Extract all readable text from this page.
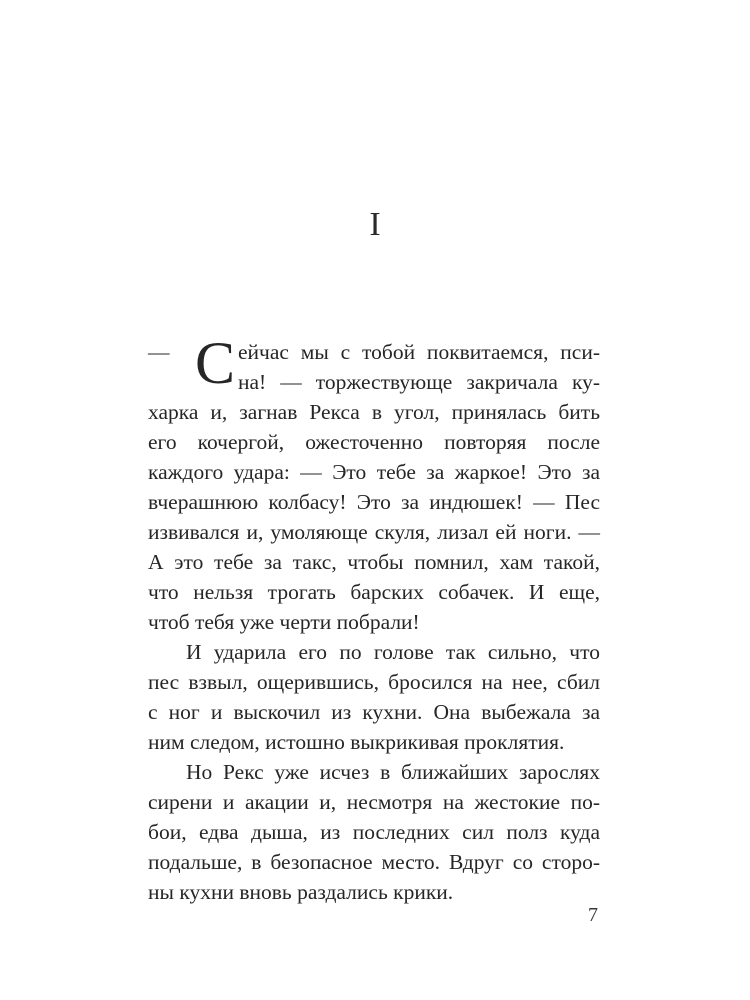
I
— С ейчас мы с тобой поквитаемся, пси-
на! — торжествующе закричала ку-
харка и, загнав Рекса в угол, принялась бить
его кочергой, ожесточенно повторяя после
каждого удара: — Это тебе за жаркое! Это за
вчерашнюю колбасу! Это за индюшек! — Пес
извивался и, умоляюще скуля, лизал ей ноги. —
А это тебе за такс, чтобы помнил, хам такой,
что нельзя трогать барских собачек. И еще,
чтоб тебя уже черти побрали!
И ударила его по голове так сильно, что
пес взвыл, ощерившись, бросился на нее, сбил
с ног и выскочил из кухни. Она выбежала за
ним следом, истошно выкрикивая проклятия.
Но Рекс уже исчез в ближайших зарослях
сирени и акации и, несмотря на жестокие по-
бои, едва дыша, из последних сил полз куда
подальше, в безопасное место. Вдруг со сторо-
ны кухни вновь раздались крики.
7
